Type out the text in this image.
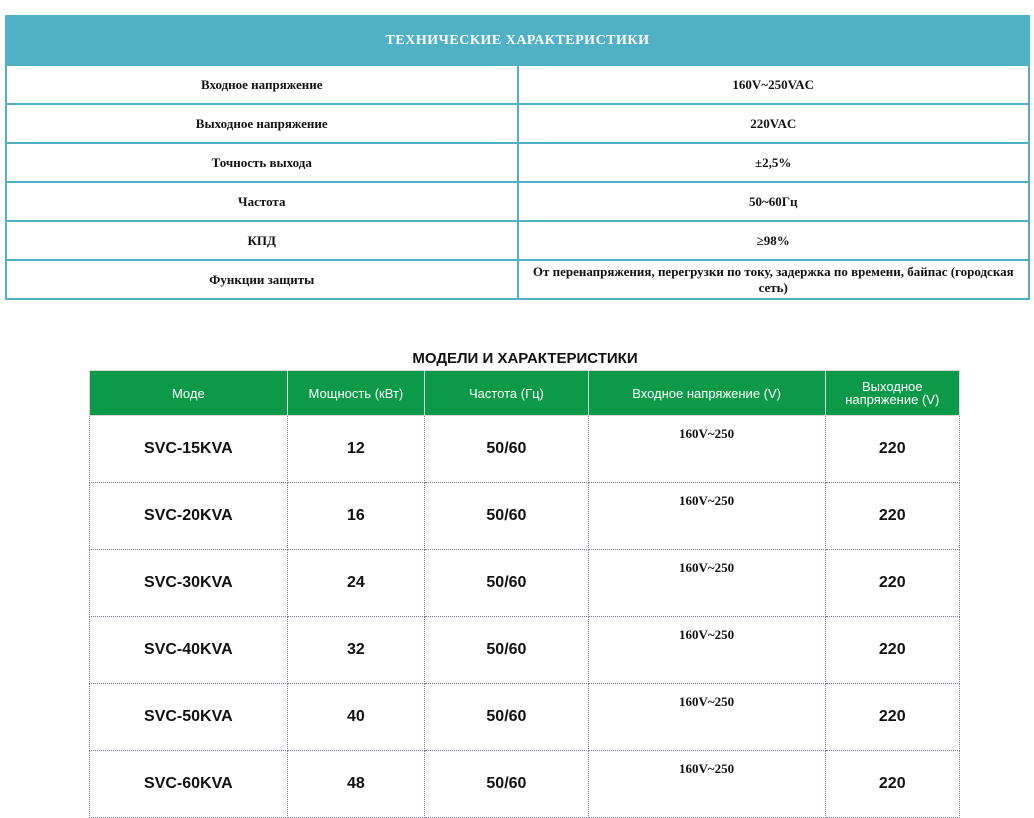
ТЕХНИЧЕСКИЕ ХАРАКТЕРИСТИКИ	
Входное напряжение	160V~250VAC
Выходное напряжение	220VAC
Точность выхода	±2,5%
Частота	50~60Гц
КПД	≥98%
Функции защиты	От перенапряжения, перегрузки по току, задержка по времени, байпас (городская сеть)
МОДЕЛИ И ХАРАКТЕРИСТИКИ
Моде	Мощность (кВт)	Частота (Гц)	Входное напряжение (V)	Выходное напряжение (V)
SVC-15KVA	12	50/60	160V~250	220
SVC-20KVA	16	50/60	160V~250	220
SVC-30KVA	24	50/60	160V~250	220
SVC-40KVA	32	50/60	160V~250	220
SVC-50KVA	40	50/60	160V~250	220
SVC-60KVA	48	50/60	160V~250	220
